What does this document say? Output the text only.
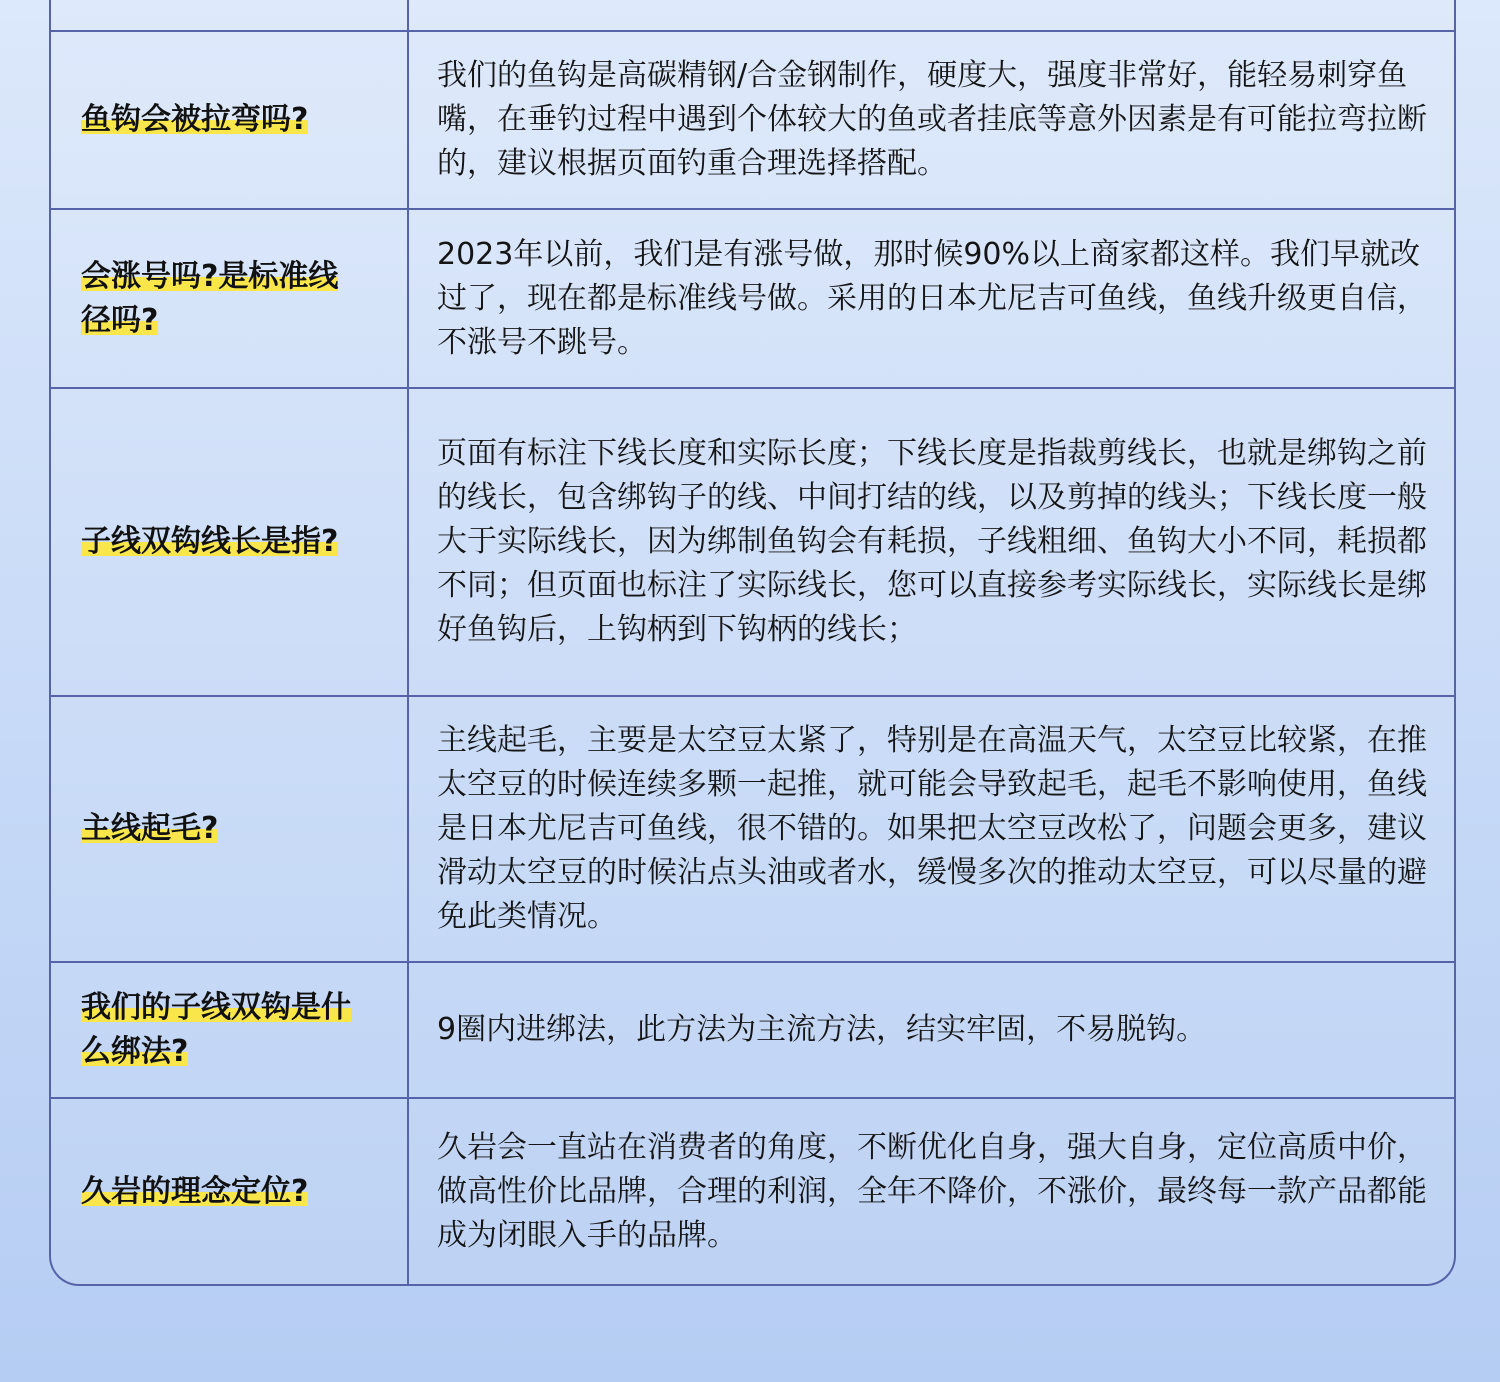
鱼钩会被拉弯吗?
我们的鱼钩是高碳精钢/合金钢制作，硬度大，强度非常好，能轻易刺穿鱼嘴，在垂钓过程中遇到个体较大的鱼或者挂底等意外因素是有可能拉弯拉断的，建议根据页面钓重合理选择搭配。
会涨号吗?是标准线径吗?
2023年以前，我们是有涨号做，那时候90%以上商家都这样。我们早就改过了，现在都是标准线号做。采用的日本尤尼吉可鱼线，鱼线升级更自信，不涨号不跳号。
子线双钩线长是指?
页面有标注下线长度和实际长度；下线长度是指裁剪线长，也就是绑钩之前的线长，包含绑钩子的线、中间打结的线，以及剪掉的线头；下线长度一般大于实际线长，因为绑制鱼钩会有耗损，子线粗细、鱼钩大小不同，耗损都不同；但页面也标注了实际线长，您可以直接参考实际线长，实际线长是绑好鱼钩后，上钩柄到下钩柄的线长；
主线起毛?
主线起毛，主要是太空豆太紧了，特别是在高温天气，太空豆比较紧，在推太空豆的时候连续多颗一起推，就可能会导致起毛，起毛不影响使用，鱼线是日本尤尼吉可鱼线，很不错的。如果把太空豆改松了，问题会更多，建议滑动太空豆的时候沾点头油或者水，缓慢多次的推动太空豆，可以尽量的避免此类情况。
我们的子线双钩是什么绑法?
9圈内进绑法，此方法为主流方法，结实牢固，不易脱钩。
久岩的理念定位?
久岩会一直站在消费者的角度，不断优化自身，强大自身，定位高质中价，做高性价比品牌，合理的利润，全年不降价，不涨价，最终每一款产品都能成为闭眼入手的品牌。
